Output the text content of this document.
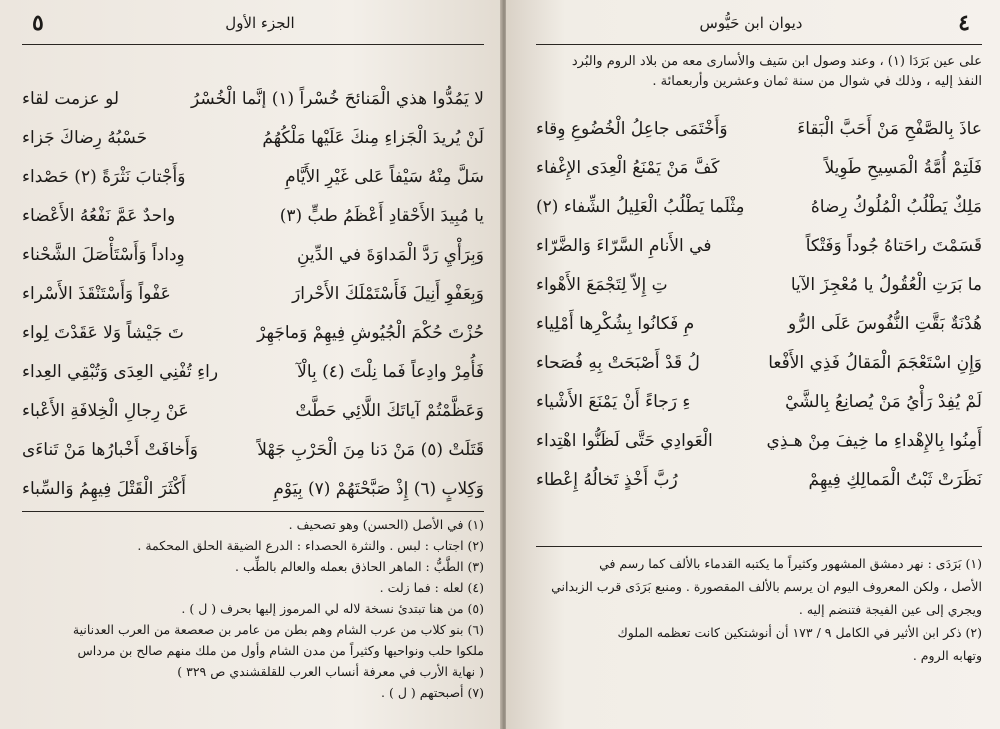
٥	الجزء الأول
لا يَمُدُّوا هذي الْمَنائحَ خُسْراً (١) إنَّما الْخُسْرُ
لو عزمت لقاء
لَنْ يُريدَ الْجَزاءِ مِنكَ عَلَيْها مَلْكُهُمُ
حَسْبُهُ رِضاكَ جَزاء
سَلَّ مِنْهُ سَيْفاً عَلى غَيْرِ الأَيَّامِ
وَأَجْتابَ نَثْرَةً (٢) حَصْداء
يا مُبِيدَ الأَحْقادِ أَعْظَمُ طبٍّ (٣)
واحدٌ عَمَّ نَفْعُهُ الأَعْضاء
وَبِرَأْيِ رَدَّ الْمَداوَةَ في الدِّينِ
وِداداً وَأَسْتَأْصَلَ الشَّحْناء
وَبِعَفْوِ أَنِيلَ فَأَسْتَمْلَكَ الأَحْرارَ
عَفْواً وَأَسْتَنْقَذَ الأَسْراء
حُزْتَ حُكْمَ الْجُيُوشِ فِيهِمْ وَماجَهِرْ
تَ جَيْشاً وَلا عَقَدْتَ لِواء
فَأُمِرْ وادِعاً فَما نِلْتَ (٤) بِالْآ
راءِ تُفْنِي العِدَى وَتُبْقِي العِداء
وَعَظَّمْتُمْ آياتَكَ اللَّائِي حَطَّتْ
عَنْ رِجالِ الْخِلافَةِ الأَعْباء
قَتَلَتْ (٥) مَنْ دَنا مِنَ الْحَرْبِ جَهْلاً
وَأَخافَتْ أَخْبارُها مَنْ تَناءَى
وَكِلابٍ (٦) إِذْ صَبَّحْتَهُمْ (٧) بِيَوْمِ
أَكْثَرَ الْقَتْلَ فِيهِمُ وَالسِّباء
(١) في الأصل (الحسن) وهو تصحيف .
(٢) اجتاب : لبس . والنثرة الحصداء : الدرع الضيقة الحلق المحكمة .
(٣) الطَّبُّ : الماهر الحاذق بعمله والعالم بالطِّب .
(٤) لعله : فما زلت .
(٥) من هنا تبتدئ نسخة لاله لي المرموز إليها بحرف ( ل ) .
(٦) بنو كلاب من عرب الشام وهم بطن من عامر بن صعصعة من العرب العدنانية
ملكوا حلب ونواحيها وكثيراً من مدن الشام وأول من ملك منهم صالح بن مرداس
( نهاية الأرب في معرفة أنساب العرب للقلقشندي ص ٣٢٩ )
(٧) أصبحتهم ( ل ) .
ديوان ابن حَيُّوس	٤
على عين بَرَدَا (١) ، وعند وصول ابن سَيف والأسارى معه من بلاد الروم والبُرد
النفذ إليه ، وذلك في شوال من سنة ثمان وعشرين وأربعمائة .
عاذَ بِالصَّفْحِ مَنْ أَحَبَّ الْبَقاءَ
وَأَخْتَمَى جاعِلُ الْخُضُوعِ وِقاء
فَلَتِمْ أُمَّةُ الْمَسِيحِ طَوِيلاً
كَفَّ مَنْ يَمْنَعُ الْعِدَى الإِغْفاء
مَلِكٌ يَطْلُبُ الْمُلُوكُ رِضاهُ
مِثْلَما يَطْلُبُ الْعَلِيلُ الشِّفاء (٢)
قَسَمْتَ راحَتاهُ جُوداً وَفَتْكاً
في الأَنامِ السَّرّاءَ وَالضَّرّاء
ما بَرَتِ الْعُقُولُ يا مُعْجِزَ الآيا
تِ إِلاّ لِتَجْمَعَ الأَهْواء
هُدْنَةٌ بَقَّتِ النُّفُوسَ عَلَى الرُّو
مِ فَكانُوا بِشُكْرِها أَمْلِياء
وَإِنِ اسْتَعْجَمَ الْمَقالُ فَذِي الأَفْعا
لُ قَدْ أَصْبَحَتْ بِهِ فُصَحاء
لَمْ يُفِدْ رَأْيُ مَنْ يُصانِعُ بِالشَّيْ
ءِ رَجاءً أَنْ يَمْنَعَ الأَشْياء
أَمِنُوا بِالإِهْداءِ ما خِيفَ مِنْ هـذِي
الْعَوادِي حَتَّى لَظَنُّوا اهْتِداء
نَظَرَتْ ثَبْتُ الْمَمالِكِ فِيهِمْ
رُبَّ أَخْذٍ تَخالُهُ إِعْطاء
(١) بَرَدَى : نهر دمشق المشهور وكثيراً ما يكتبه القدماء بالألف كما رسم في
الأصل ، ولكن المعروف اليوم ان يرسم بالألف المقصورة . ومنبع بَرَدَى قرب الزبداني
ويجري إلى عين الفيجة فتنضم إليه .
(٢) ذكر ابن الأثير في الكامل ٩ / ١٧٣ أن أنوشتكين كانت تعظمه الملوك
وتهابه الروم .
